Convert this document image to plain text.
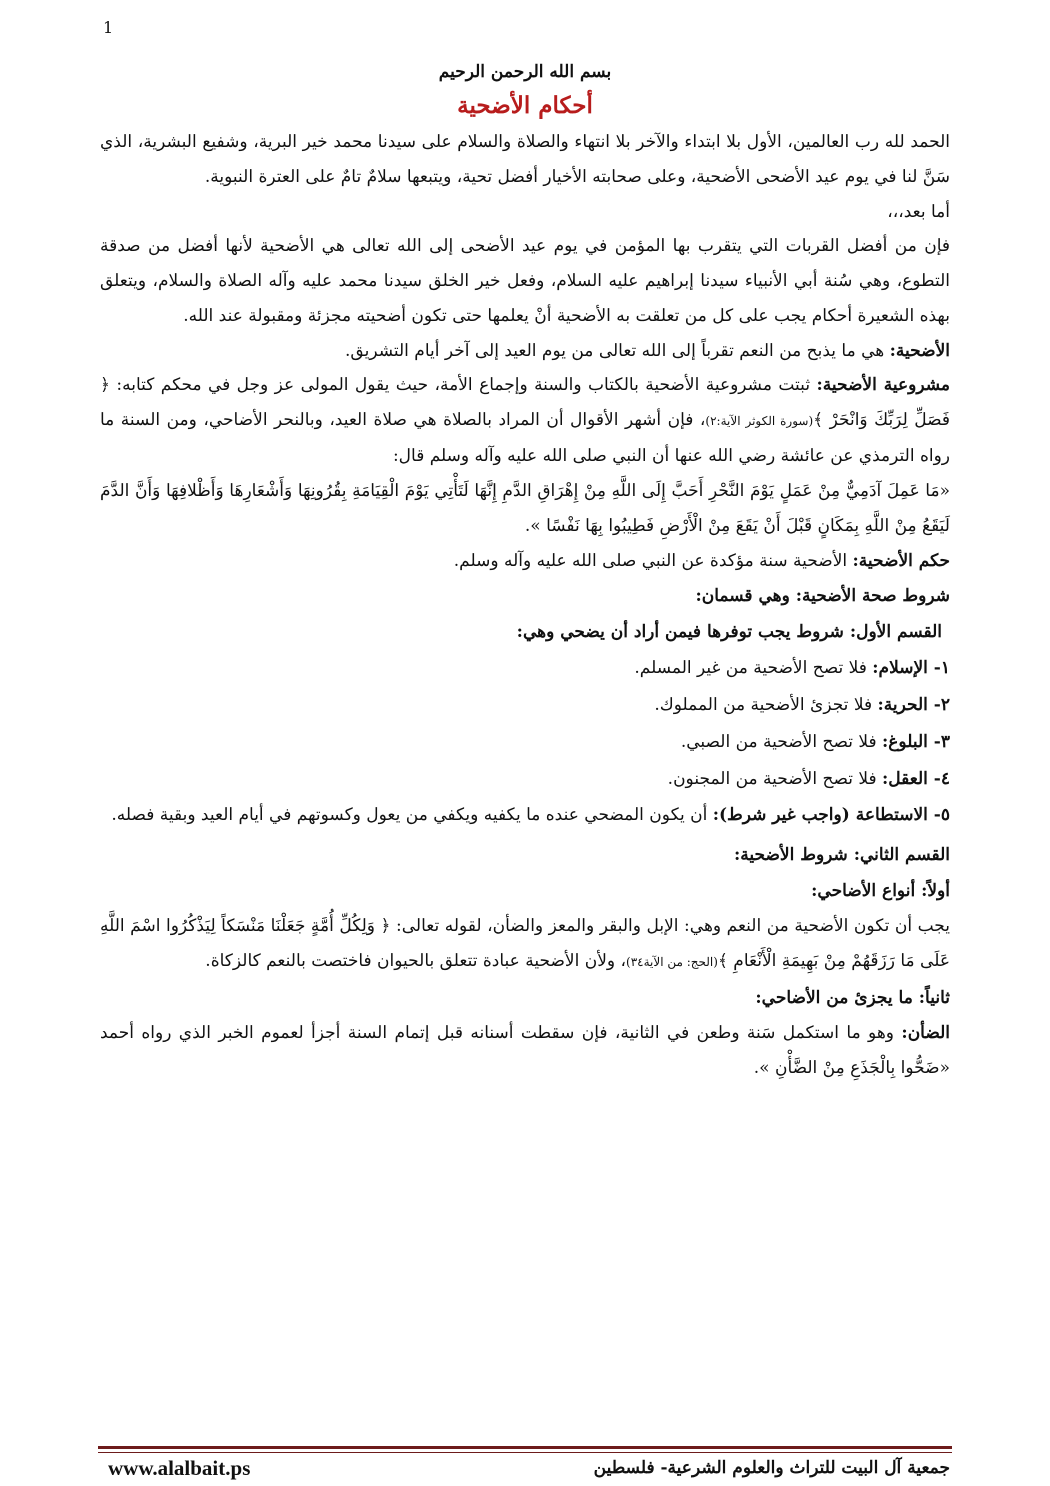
1
بسم الله الرحمن الرحيم
أحكام الأضحية

الحمد لله رب العالمين، الأول بلا ابتداء والآخر بلا انتهاء والصلاة والسلام على سيدنا محمد خير البرية، وشفيع البشرية، الذي سَنَّ لنا في يوم عيد الأضحى الأضحية، وعلى صحابته الأخيار أفضل تحية، ويتبعها سلامٌ تامٌ على العترة النبوية.

أما بعد،،،

فإن من أفضل القربات التي يتقرب بها المؤمن في يوم عيد الأضحى إلى الله تعالى هي الأضحية لأنها أفضل من صدقة التطوع، وهي سُنة أبي الأنبياء سيدنا إبراهيم عليه السلام، وفعل خير الخلق سيدنا محمد عليه وآله الصلاة والسلام، ويتعلق بهذه الشعيرة أحكام يجب على كل من تعلقت به الأضحية أنْ يعلمها حتى تكون أضحيته مجزئة ومقبولة عند الله.

الأضحية: هي ما يذبح من النعم تقرباً إلى الله تعالى من يوم العيد إلى آخر أيام التشريق.

مشروعية الأضحية: ثبتت مشروعية الأضحية بالكتاب والسنة وإجماع الأمة، حيث يقول المولى عز وجل في محكم كتابه: ﴿ فَصَلِّ لِرَبِّكَ وَانْحَرْ ﴾(سورة الكوثر الآية:٢)، فإن أشهر الأقوال أن المراد بالصلاة هي صلاة العيد، وبالنحر الأضاحي، ومن السنة ما رواه الترمذي عن عائشة رضي الله عنها أن النبي صلى الله عليه وآله وسلم قال:

«مَا عَمِلَ آدَمِيٌّ مِنْ عَمَلٍ يَوْمَ النَّحْرِ أَحَبَّ إِلَى اللَّهِ مِنْ إِهْرَاقِ الدَّمِ إِنَّهَا لَتَأْتِي يَوْمَ الْقِيَامَةِ بِقُرُونِهَا وَأَشْعَارِهَا وَأَظْلافِهَا وَأَنَّ الدَّمَ لَيَقَعُ مِنْ اللَّهِ بِمَكَانٍ قَبْلَ أَنْ يَقَعَ مِنْ الْأَرْضِ فَطِيبُوا بِهَا نَفْسًا ».

حكم الأضحية: الأضحية سنة مؤكدة عن النبي صلى الله عليه وآله وسلم.

شروط صحة الأضحية: وهي قسمان:
القسم الأول: شروط يجب توفرها فيمن أراد أن يضحي وهي:

١- الإسلام: فلا تصح الأضحية من غير المسلم.

٢- الحرية: فلا تجزئ الأضحية من المملوك.

٣- البلوغ: فلا تصح الأضحية من الصبي.

٤- العقل: فلا تصح الأضحية من المجنون.

٥- الاستطاعة (واجب غير شرط): أن يكون المضحي عنده ما يكفيه ويكفي من يعول وكسوتهم في أيام العيد وبقية فصله.

القسم الثاني: شروط الأضحية:
أولاً: أنواع الأضاحي:

يجب أن تكون الأضحية من النعم وهي: الإبل والبقر والمعز والضأن، لقوله تعالى: ﴿ وَلِكُلِّ أُمَّةٍ جَعَلْنَا مَنْسَكاً لِيَذْكُرُوا اسْمَ اللَّهِ عَلَى مَا رَزَقَهُمْ مِنْ بَهِيمَةِ الْأَنْعَامِ ﴾(الحج: من الآية٣٤)، ولأن الأضحية عبادة تتعلق بالحيوان فاختصت بالنعم كالزكاة.

ثانياً: ما يجزئ من الأضاحي:

الضأن: وهو ما استكمل سَنة وطعن في الثانية، فإن سقطت أسنانه قبل إتمام السنة أجزأ لعموم الخبر الذي رواه أحمد «ضَحُّوا بِالْجَذَعِ مِنْ الضَّأْنِ ».

www.alalbait.ps	جمعية آل البيت للتراث والعلوم الشرعية- فلسطين
